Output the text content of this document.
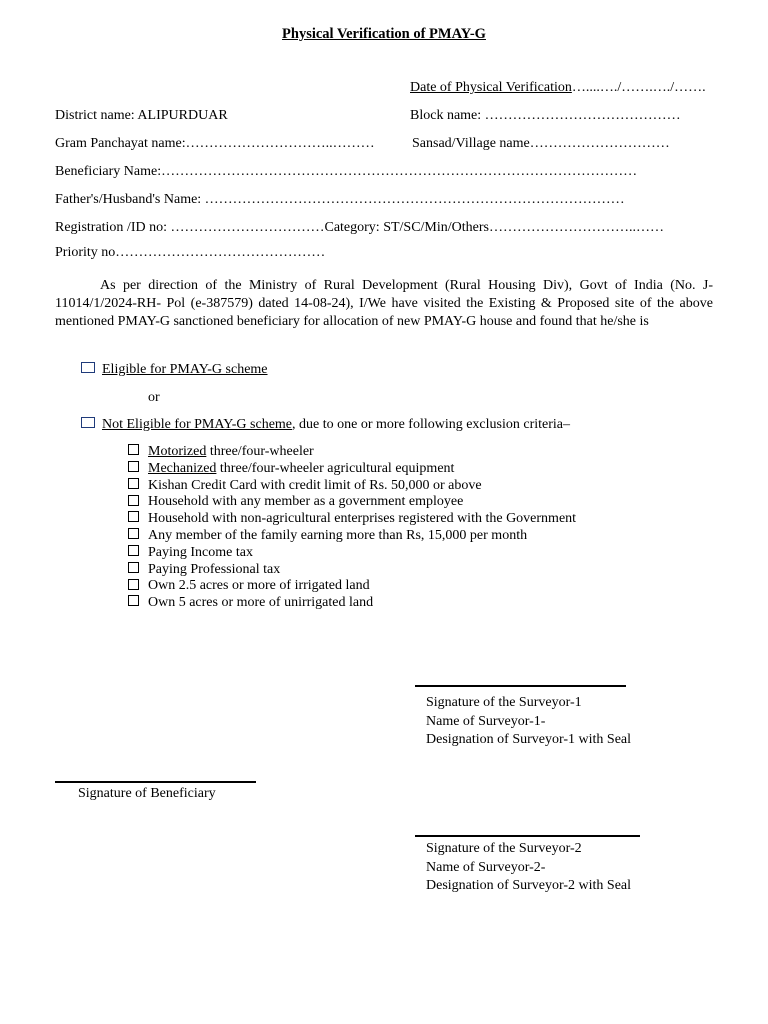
Physical Verification of PMAY-G
Date of Physical Verification…....…./…….…./…….
District name: ALIPURDUAR	Block name: ……………………………………
Gram Panchayat name:…………………………..………	Sansad/Village name…………………………
Beneficiary Name:…………………………………………………………………………………………
Father's/Husband's Name: ………………………………………………………………………………
Registration /ID no: ……………………………Category: ST/SC/Min/Others…………………………..……
Priority no………………………………………
As per direction of the Ministry of Rural Development (Rural Housing Div), Govt of India (No. J-11014/1/2024-RH- Pol (e-387579) dated 14-08-24), I/We have visited the Existing & Proposed site of the above mentioned PMAY-G sanctioned beneficiary for allocation of new PMAY-G house and found that he/she is
Eligible for PMAY-G scheme
or
Not Eligible for PMAY-G scheme, due to one or more following exclusion criteria–
Motorized three/four-wheeler
Mechanized three/four-wheeler agricultural equipment
Kishan Credit Card with credit limit of Rs. 50,000 or above
Household with any member as a government employee
Household with non-agricultural enterprises registered with the Government
Any member of the family earning more than Rs, 15,000 per month
Paying Income tax
Paying Professional tax
Own 2.5 acres or more of irrigated land
Own 5 acres or more of unirrigated land
Signature of the Surveyor-1
Name of Surveyor-1-
Designation of Surveyor-1 with Seal
Signature of Beneficiary
Signature of the Surveyor-2
Name of Surveyor-2-
Designation of Surveyor-2 with Seal
